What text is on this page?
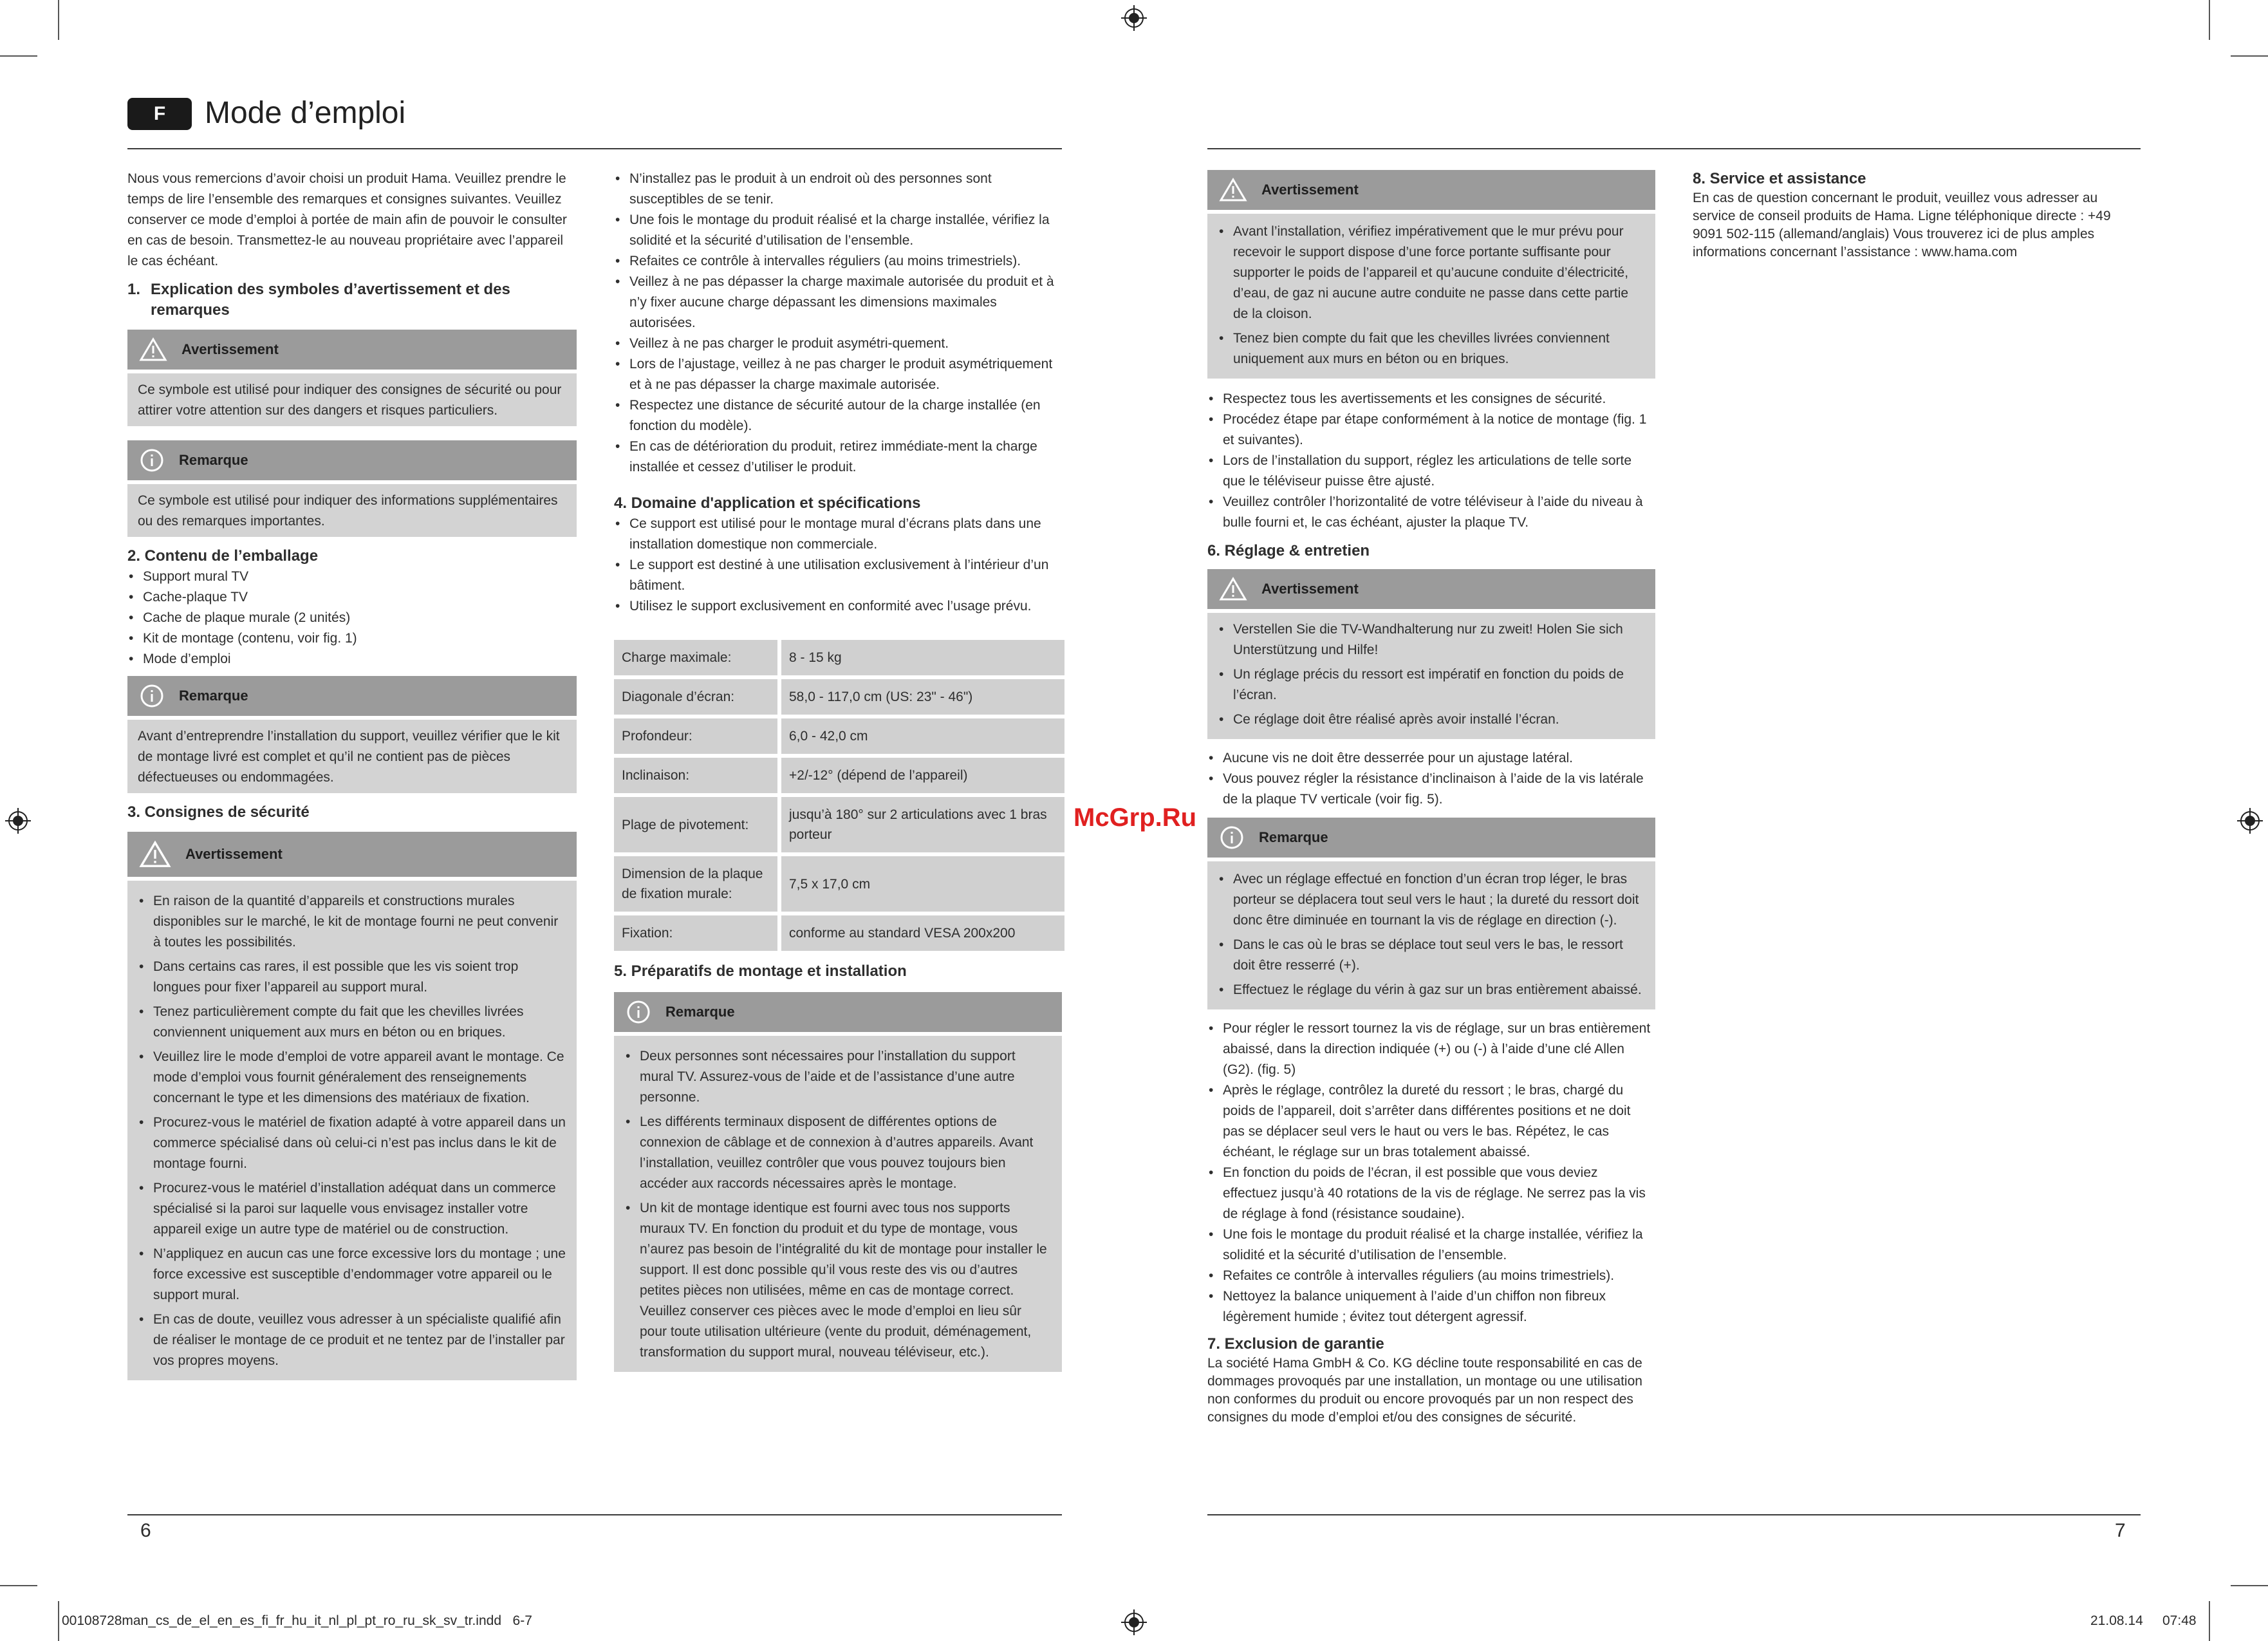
F	Mode d’emploi

Nous vous remercions d’avoir choisi un produit Hama. Veuillez prendre le temps de lire l’ensemble des remarques et consignes suivantes. Veuillez conserver ce mode d’emploi à portée de main afin de pouvoir le consulter en cas de besoin. Transmettez-le au nouveau propriétaire avec l’appareil le cas échéant.

1. Explication des symboles d’avertissement et des remarques
Avertissement

Ce symbole est utilisé pour indiquer des consignes de sécurité ou pour attirer votre attention sur des dangers et risques particuliers.

Remarque

Ce symbole est utilisé pour indiquer des informations supplémentaires ou des remarques importantes.

2. Contenu de l’emballage
• Support mural TV
• Cache-plaque TV
• Cache de plaque murale (2 unités)
• Kit de montage (contenu, voir fig. 1)
• Mode d’emploi
Remarque

Avant d’entreprendre l’installation du support, veuillez vérifier que le kit de montage livré est complet et qu’il ne contient pas de pièces défectueuses ou endommagées.

3. Consignes de sécurité
Avertissement
• En raison de la quantité d’appareils et constructions murales disponibles sur le marché, le kit de montage fourni ne peut convenir à toutes les possibilités.
• Dans certains cas rares, il est possible que les vis soient trop longues pour fixer l’appareil au support mural.
• Tenez particulièrement compte du fait que les chevilles livrées conviennent uniquement aux murs en béton ou en briques.
• Veuillez lire le mode d’emploi de votre appareil avant le montage. Ce mode d’emploi vous fournit généralement des renseignements concernant le type et les dimensions des matériaux de fixation.
• Procurez-vous le matériel de fixation adapté à votre appareil dans un commerce spécialisé dans où celui-ci n’est pas inclus dans le kit de montage fourni.
• Procurez-vous le matériel d’installation adéquat dans un commerce spécialisé si la paroi sur laquelle vous envisagez installer votre appareil exige un autre type de matériel ou de construction.
• N’appliquez en aucun cas une force excessive lors du montage ; une force excessive est susceptible d’endommager votre appareil ou le support mural.
• En cas de doute, veuillez vous adresser à un spécialiste qualifié afin de réaliser le montage de ce produit et ne tentez par de l’installer par vos propres moyens.
• N’installez pas le produit à un endroit où des personnes sont susceptibles de se tenir.
• Une fois le montage du produit réalisé et la charge installée, vérifiez la solidité et la sécurité d’utilisation de l’ensemble.
• Refaites ce contrôle à intervalles réguliers (au moins trimestriels).
• Veillez à ne pas dépasser la charge maximale autorisée du produit et à n’y fixer aucune charge dépassant les dimensions maximales autorisées.
• Veillez à ne pas charger le produit asymétri-quement.
• Lors de l’ajustage, veillez à ne pas charger le produit asymétriquement et à ne pas dépasser la charge maximale autorisée.
• Respectez une distance de sécurité autour de la charge installée (en fonction du modèle).
• En cas de détérioration du produit, retirez immédiate-ment la charge installée et cessez d’utiliser le produit.
4. Domaine d'application et spécifications
• Ce support est utilisé pour le montage mural d’écrans plats dans une installation domestique non commerciale.
• Le support est destiné à une utilisation exclusivement à l’intérieur d’un bâtiment.
• Utilisez le support exclusivement en conformité avec l’usage prévu.
Charge maximale:	8 - 15 kg
Diagonale d’écran:	58,0 - 117,0 cm (US: 23" - 46")
Profondeur:	6,0 - 42,0 cm
Inclinaison:	+2/-12° (dépend de l’appareil)
Plage de pivotement:	jusqu’à 180° sur 2 articulations avec 1 bras porteur
Dimension de la plaque de fixation murale:	7,5 x 17,0 cm
Fixation:	conforme au standard VESA 200x200
5. Préparatifs de montage et installation
Remarque
• Deux personnes sont nécessaires pour l’installation du support mural TV. Assurez-vous de l’aide et de l’assistance d’une autre personne.
• Les différents terminaux disposent de différentes options de connexion de câblage et de connexion à d’autres appareils. Avant l’installation, veuillez contrôler que vous pouvez toujours bien accéder aux raccords nécessaires après le montage.
• Un kit de montage identique est fourni avec tous nos supports muraux TV. En fonction du produit et du type de montage, vous n’aurez pas besoin de l’intégralité du kit de montage pour installer le support. Il est donc possible qu’il vous reste des vis ou d’autres petites pièces non utilisées, même en cas de montage correct. Veuillez conserver ces pièces avec le mode d’emploi en lieu sûr pour toute utilisation ultérieure (vente du produit, déménagement, transformation du support mural, nouveau téléviseur, etc.).
McGrp.Ru
Avertissement
• Avant l’installation, vérifiez impérativement que le mur prévu pour recevoir le support dispose d’une force portante suffisante pour supporter le poids de l’appareil et qu’aucune conduite d’électricité, d’eau, de gaz ni aucune autre conduite ne passe dans cette partie de la cloison.
• Tenez bien compte du fait que les chevilles livrées conviennent uniquement aux murs en béton ou en briques.
• Respectez tous les avertissements et les consignes de sécurité.
• Procédez étape par étape conformément à la notice de montage (fig. 1 et suivantes).
• Lors de l’installation du support, réglez les articulations de telle sorte que le téléviseur puisse être ajusté.
• Veuillez contrôler l’horizontalité de votre téléviseur à l’aide du niveau à bulle fourni et, le cas échéant, ajuster la plaque TV.
6. Réglage & entretien
Avertissement
• Verstellen Sie die TV-Wandhalterung nur zu zweit! Holen Sie sich Unterstützung und Hilfe!
• Un réglage précis du ressort est impératif en fonction du poids de l’écran.
• Ce réglage doit être réalisé après avoir installé l’écran.
• Aucune vis ne doit être desserrée pour un ajustage latéral.
• Vous pouvez régler la résistance d’inclinaison à l’aide de la vis latérale de la plaque TV verticale (voir fig. 5).
Remarque
• Avec un réglage effectué en fonction d’un écran trop léger, le bras porteur se déplacera tout seul vers le haut ; la dureté du ressort doit donc être diminuée en tournant la vis de réglage en direction (-).
• Dans le cas où le bras se déplace tout seul vers le bas, le ressort doit être resserré (+).
• Effectuez le réglage du vérin à gaz sur un bras entièrement abaissé.
• Pour régler le ressort tournez la vis de réglage, sur un bras entièrement abaissé, dans la direction indiquée (+) ou (-) à l’aide d’une clé Allen (G2). (fig. 5)
• Après le réglage, contrôlez la dureté du ressort ; le bras, chargé du poids de l’appareil, doit s’arrêter dans différentes positions et ne doit pas se déplacer seul vers le haut ou vers le bas. Répétez, le cas échéant, le réglage sur un bras totalement abaissé.
• En fonction du poids de l’écran, il est possible que vous deviez effectuez jusqu’à 40 rotations de la vis de réglage. Ne serrez pas la vis de réglage à fond (résistance soudaine).
• Une fois le montage du produit réalisé et la charge installée, vérifiez la solidité et la sécurité d’utilisation de l’ensemble.
• Refaites ce contrôle à intervalles réguliers (au moins trimestriels).
• Nettoyez la balance uniquement à l’aide d’un chiffon non fibreux légèrement humide ; évitez tout détergent agressif.
7. Exclusion de garantie

La société Hama GmbH & Co. KG décline toute responsabilité en cas de dommages provoqués par une installation, un montage ou une utilisation non conformes du produit ou encore provoqués par un non respect des consignes du mode d’emploi et/ou des consignes de sécurité.

8. Service et assistance

En cas de question concernant le produit, veuillez vous adresser au service de conseil produits de Hama. Ligne téléphonique directe : +49 9091 502-115 (allemand/anglais) Vous trouverez ici de plus amples informations concernant l’assistance : www.hama.com

6	7
00108728man_cs_de_el_en_es_fi_fr_hu_it_nl_pl_pt_ro_ru_sk_sv_tr.indd   6-7	21.08.14 07:48
